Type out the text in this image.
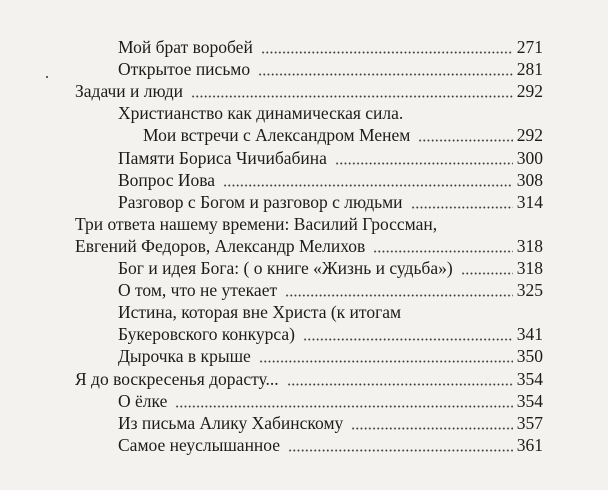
Мой брат воробей	271
Открытое письмо	281
Задачи и люди	292
Христианство как динамическая сила.
Мои встречи с Александром Менем	292
Памяти Бориса Чичибабина	300
Вопрос Иова	308
Разговор с Богом и разговор с людьми	314
Три ответа нашему времени: Василий Гроссман,
Евгений Федоров, Александр Мелихов	318
Бог и идея Бога: ( о книге «Жизнь и судьба»)	318
О том, что не утекает	325
Истина, которая вне Христа (к итогам
Букеровского конкурса)	341
Дырочка в крыше	350
Я до воскресенья дорасту...	354
О ёлке	354
Из письма Алику Хабинскому	357
Самое неуслышанное	361
